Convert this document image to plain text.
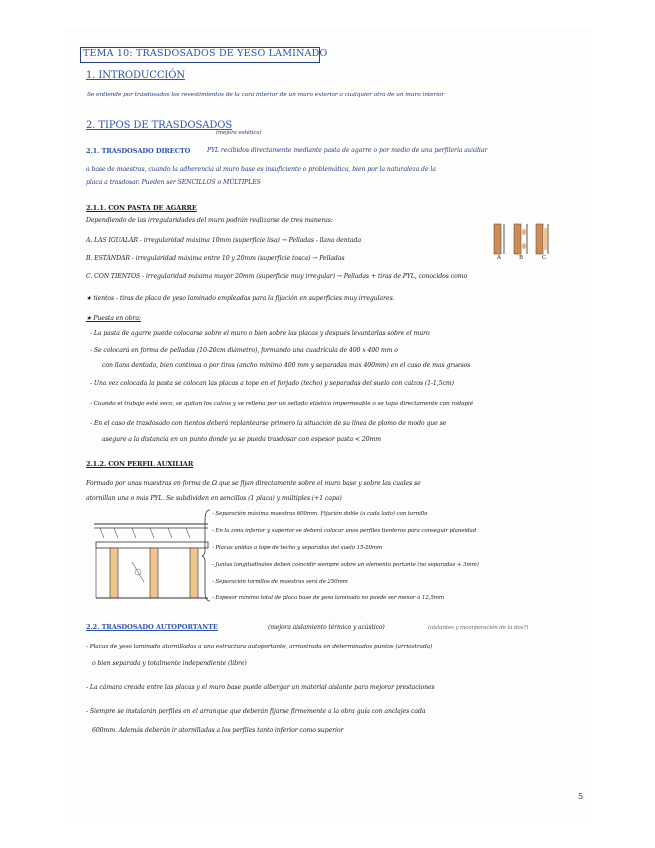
TEMA 10: TRASDOSADOS DE YESO LAMINADO
1. INTRODUCCIÓN
Se entiende por trasdosados los revestimientos de la cara interior de un muro exterior o cualquier otra de un muro interior
2. TIPOS DE TRASDOSADOS
(mejora estética)
2.1. TRASDOSADO DIRECTO	PYL recibidos directamente mediante pasta de agarre o por medio de una perfilería auxiliar
a base de maestras, cuando la adherencia al muro base es insuficiente o problemática, bien por la naturaleza de la
placa a trasdosar. Pueden ser SENCILLOS o MÚLTIPLES
2.1.1. CON PASTA DE AGARRE
Dependiendo de las irregularidades del muro podrán realizarse de tres maneras:
A. LAS IGUALAR - irregularidad máxima 10mm (superficie lisa) → Pelladas - llana dentada
B. ESTÁNDAR - irregularidad máxima entre 10 y 20mm (superficie tosca) → Pelladas
C. CON TIENTOS - irregularidad máxima mayor 20mm (superficie muy irregular) → Pelladas + tiras de PYL, conocidos como
A	B	C
★ tientos - tiras de placa de yeso laminado empleadas para la fijación en superficies muy irregulares.
★ Puesta en obra:
- La pasta de agarre puede colocarse sobre el muro o bien sobre las placas y después levantarlas sobre el muro
- Se colocará en forma de pelladas (10-20cm diámetro), formando una cuadrícula de 400 x 400 mm o
con llana dentada, bien continua o por tiras (ancho mínimo 400 mm y separadas max 400mm) en el caso de mas gruesos
- Una vez colocada la pasta se colocan las placas a tope en el forjado (techo) y separadas del suelo con calzos (1-1,5cm)
- Cuando el trabajo esté seco, se quitan los calzos y se rellena por un sellado elástico impermeable o se tapa directamente con rodapié
- En el caso de trasdosado con tientos deberá replantearse primero la situación de su línea de plomo de modo que se
asegure a la distancia en un punto donde ya se pueda trasdosar con espesor pasta < 20mm
2.1.2. CON PERFIL AUXILIAR
Formado por unas maestras en forma de Ω que se fijan directamente sobre el muro base y sobre las cuales se
atornillan una o más PYL. Se subdividen en sencillos (1 placa) y múltiples (+1 capa)
- Separación máxima maestras 600mm. Fijación doble (a cada lado) con tornillo
- En la zona inferior y superior se deberá colocar unos perfiles tienteros para conseguir planeidad
- Placas unidas a tope de techo y separadas del suelo 15-20mm
- Juntas longitudinales deben coincidir siempre sobre un elemento portante (no separadas + 3mm)
- Separación tornillos de maestras será de 250mm
- Espesor mínimo total de placa base de yeso laminado no puede ser menor a 12,5mm
2.2. TRASDOSADO AUTOPORTANTE	(mejora aislamiento térmico y acústico)	(aislantes y incorporación de la dos?)
- Placas de yeso laminado atornilladas a una estructura autoportante, arriostrada en determinados puntos (arriostrada)
o bien separada y totalmente independiente (libre)
- La cámara creada entre las placas y el muro base puede albergar un material aislante para mejorar prestaciones
- Siempre se instalarán perfiles en el arranque que deberán fijarse firmemente a la obra guía con anclajes cada
600mm. Además deberán ir atornilladas a los perfiles tanto inferior como superior
5
